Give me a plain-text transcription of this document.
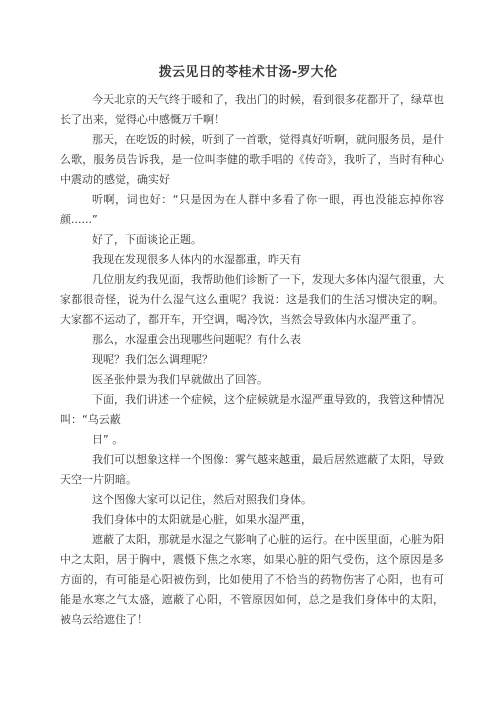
拨云见日的苓桂术甘汤-罗大伦

今天北京的天气终于暖和了，我出门的时候，看到很多花都开了，绿草也长了出来，觉得心中感慨万千啊！

那天，在吃饭的时候，听到了一首歌，觉得真好听啊，就问服务员，是什么歌，服务员告诉我，是一位叫李健的歌手唱的《传奇》，我听了，当时有种心中震动的感觉，确实好

听啊，词也好：“只是因为在人群中多看了你一眼，再也没能忘掉你容颜......”

好了，下面谈论正题。

我现在发现很多人体内的水湿都重，昨天有

几位朋友约我见面，我帮助他们诊断了一下，发现大多体内湿气很重，大家都很奇怪，说为什么湿气这么重呢？我说：这是我们的生活习惯决定的啊。大家都不运动了，都开车，开空调，喝冷饮，当然会导致体内水湿严重了。

那么，水湿重会出现哪些问题呢？有什么表

现呢？我们怎么调理呢？

医圣张仲景为我们早就做出了回答。

下面，我们讲述一个症候，这个症候就是水湿严重导致的，我管这种情况叫：“乌云蔽

日” 。

我们可以想象这样一个图像：雾气越来越重，最后居然遮蔽了太阳，导致天空一片阴暗。

这个图像大家可以记住，然后对照我们身体。

我们身体中的太阳就是心脏，如果水湿严重，

遮蔽了太阳，那就是水湿之气影响了心脏的运行。在中医里面，心脏为阳中之太阳，居于胸中，震慑下焦之水寒，如果心脏的阳气受伤，这个原因是多方面的，有可能是心阳被伤到，比如使用了不恰当的药物伤害了心阳，也有可能是水寒之气太盛，遮蔽了心阳，不管原因如何，总之是我们身体中的太阳，被乌云给遮住了！
